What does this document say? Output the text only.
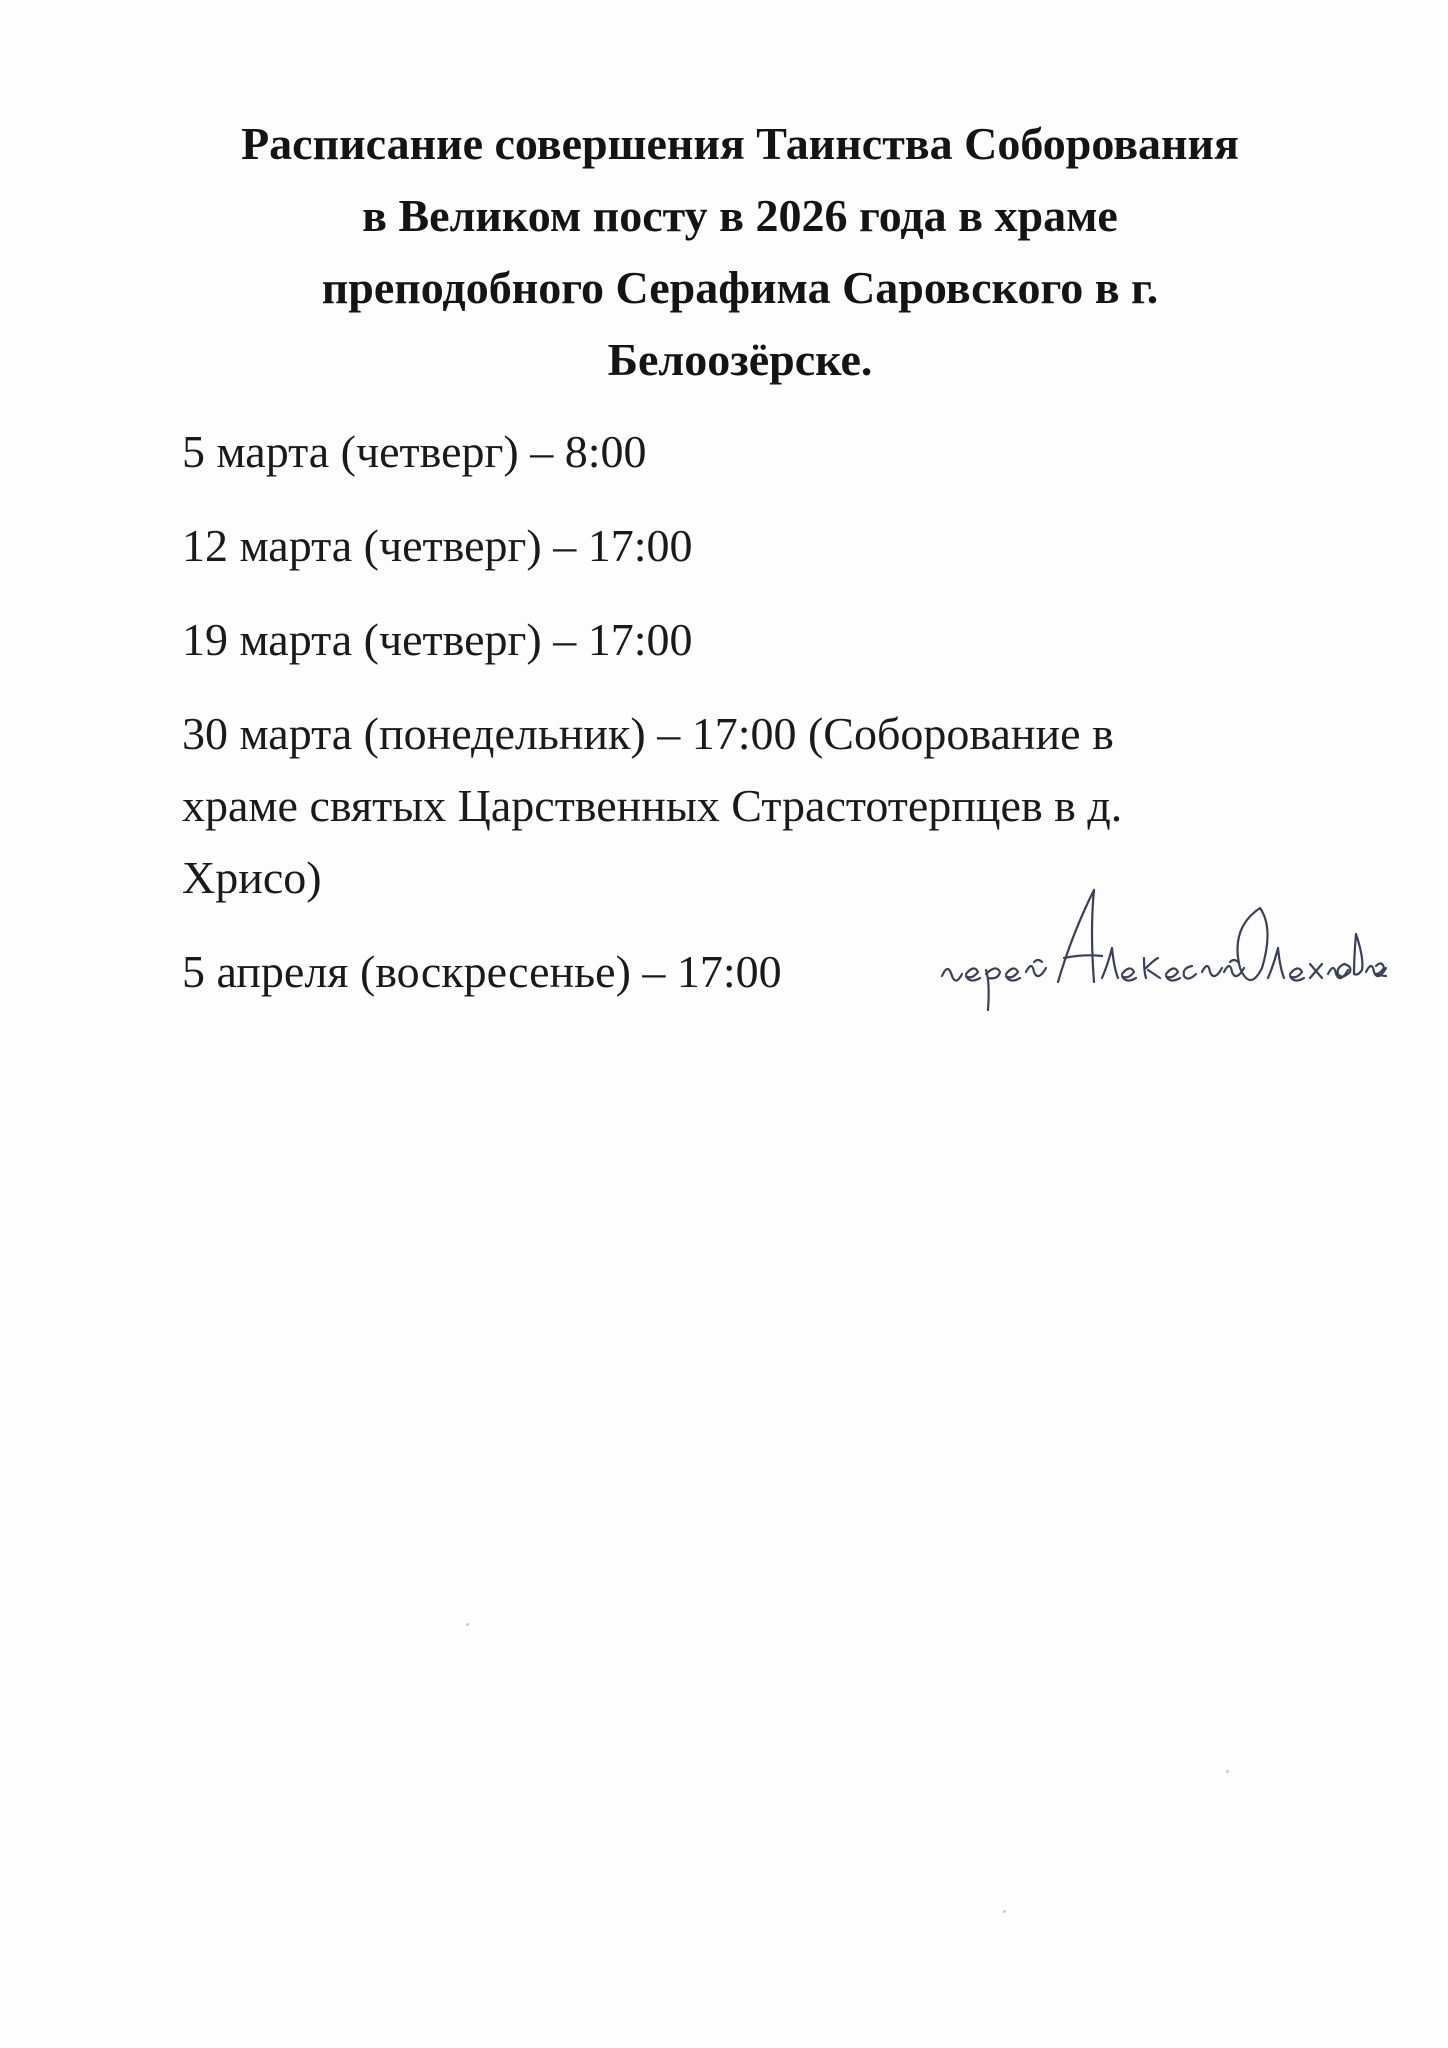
Расписание совершения Таинства Соборования
в Великом посту в 2026 года в храме
преподобного Серафима Саровского в г.
Белоозёрске.
5 марта (четверг) – 8:00
12 марта (четверг) – 17:00
19 марта (четверг) – 17:00
30 марта (понедельник) – 17:00 (Соборование в
храме святых Царственных Страстотерпцев в д.
Хрисо)
5 апреля (воскресенье) – 17:00
